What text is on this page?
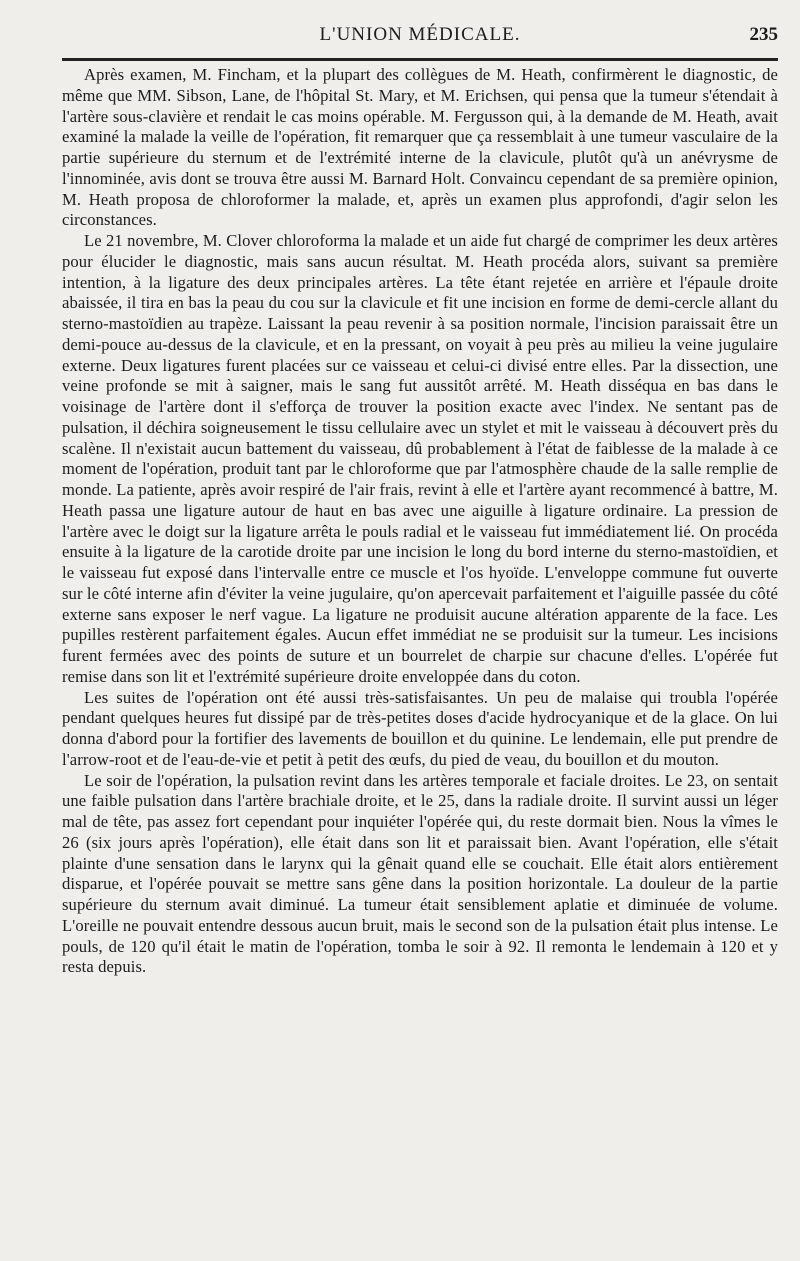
L'UNION MÉDICALE.	235

Après examen, M. Fincham, et la plupart des collègues de M. Heath, confirmèrent le diagnostic, de même que MM. Sibson, Lane, de l'hôpital St. Mary, et M. Erichsen, qui pensa que la tumeur s'étendait à l'artère sous-clavière et rendait le cas moins opérable. M. Fergusson qui, à la demande de M. Heath, avait examiné la malade la veille de l'opération, fit remarquer que ça ressemblait à une tumeur vasculaire de la partie supérieure du sternum et de l'extrémité interne de la clavicule, plutôt qu'à un anévrysme de l'innominée, avis dont se trouva être aussi M. Barnard Holt. Convaincu cependant de sa première opinion, M. Heath proposa de chloroformer la malade, et, après un examen plus approfondi, d'agir selon les circonstances.

Le 21 novembre, M. Clover chloroforma la malade et un aide fut chargé de comprimer les deux artères pour élucider le diagnostic, mais sans aucun résultat. M. Heath procéda alors, suivant sa première intention, à la ligature des deux principales artères. La tête étant rejetée en arrière et l'épaule droite abaissée, il tira en bas la peau du cou sur la clavicule et fit une incision en forme de demi-cercle allant du sterno-mastoïdien au trapèze. Laissant la peau revenir à sa position normale, l'incision paraissait être un demi-pouce au-dessus de la clavicule, et en la pressant, on voyait à peu près au milieu la veine jugulaire externe. Deux ligatures furent placées sur ce vaisseau et celui-ci divisé entre elles. Par la dissection, une veine profonde se mit à saigner, mais le sang fut aussitôt arrêté. M. Heath disséqua en bas dans le voisinage de l'artère dont il s'efforça de trouver la position exacte avec l'index. Ne sentant pas de pulsation, il déchira soigneusement le tissu cellulaire avec un stylet et mit le vaisseau à découvert près du scalène. Il n'existait aucun battement du vaisseau, dû probablement à l'état de faiblesse de la malade à ce moment de l'opération, produit tant par le chloroforme que par l'atmosphère chaude de la salle remplie de monde. La patiente, après avoir respiré de l'air frais, revint à elle et l'artère ayant recommencé à battre, M. Heath passa une ligature autour de haut en bas avec une aiguille à ligature ordinaire. La pression de l'artère avec le doigt sur la ligature arrêta le pouls radial et le vaisseau fut immédiatement lié. On procéda ensuite à la ligature de la carotide droite par une incision le long du bord interne du sterno-mastoïdien, et le vaisseau fut exposé dans l'intervalle entre ce muscle et l'os hyoïde. L'enveloppe commune fut ouverte sur le côté interne afin d'éviter la veine jugulaire, qu'on apercevait parfaitement et l'aiguille passée du côté externe sans exposer le nerf vague. La ligature ne produisit aucune altération apparente de la face. Les pupilles restèrent parfaitement égales. Aucun effet immédiat ne se produisit sur la tumeur. Les incisions furent fermées avec des points de suture et un bourrelet de charpie sur chacune d'elles. L'opérée fut remise dans son lit et l'extrémité supérieure droite enveloppée dans du coton.

Les suites de l'opération ont été aussi très-satisfaisantes. Un peu de malaise qui troubla l'opérée pendant quelques heures fut dissipé par de très-petites doses d'acide hydrocyanique et de la glace. On lui donna d'abord pour la fortifier des lavements de bouillon et du quinine. Le lendemain, elle put prendre de l'arrow-root et de l'eau-de-vie et petit à petit des œufs, du pied de veau, du bouillon et du mouton.

Le soir de l'opération, la pulsation revint dans les artères temporale et faciale droites. Le 23, on sentait une faible pulsation dans l'artère brachiale droite, et le 25, dans la radiale droite. Il survint aussi un léger mal de tête, pas assez fort cependant pour inquiéter l'opérée qui, du reste dormait bien. Nous la vîmes le 26 (six jours après l'opération), elle était dans son lit et paraissait bien. Avant l'opération, elle s'était plainte d'une sensation dans le larynx qui la gênait quand elle se couchait. Elle était alors entièrement disparue, et l'opérée pouvait se mettre sans gêne dans la position horizontale. La douleur de la partie supérieure du sternum avait diminué. La tumeur était sensiblement aplatie et diminuée de volume. L'oreille ne pouvait entendre dessous aucun bruit, mais le second son de la pulsation était plus intense. Le pouls, de 120 qu'il était le matin de l'opération, tomba le soir à 92. Il remonta le lendemain à 120 et y resta depuis.
